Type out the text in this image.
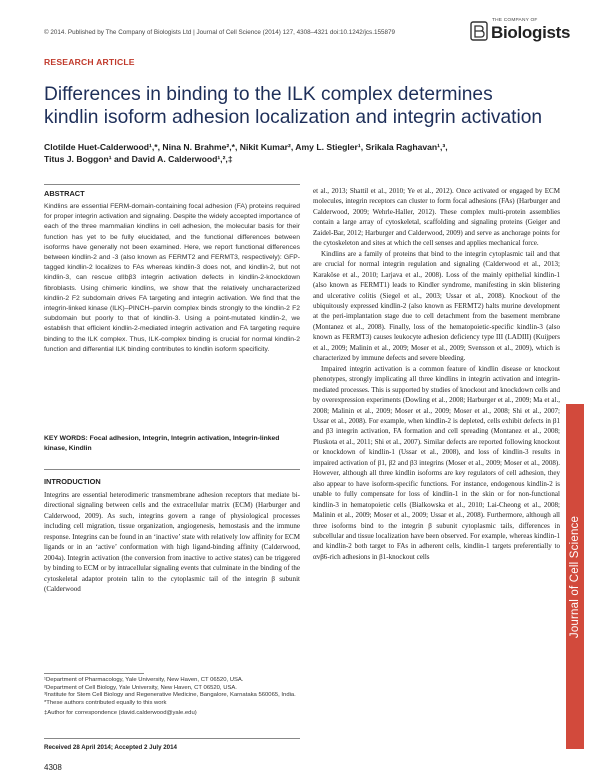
© 2014. Published by The Company of Biologists Ltd | Journal of Cell Science (2014) 127, 4308–4321 doi:10.1242/jcs.155879
THE COMPANY OF
Biologists
RESEARCH ARTICLE
Differences in binding to the ILK complex determines kindlin isoform adhesion localization and integrin activation
Clotilde Huet-Calderwood¹,*, Nina N. Brahme²,*, Nikit Kumar², Amy L. Stiegler¹, Srikala Raghavan¹,³,
Titus J. Boggon¹ and David A. Calderwood¹,²,‡
ABSTRACT
Kindlins are essential FERM-domain-containing focal adhesion (FA) proteins required for proper integrin activation and signaling. Despite the widely accepted importance of each of the three mammalian kindlins in cell adhesion, the molecular basis for their function has yet to be fully elucidated, and the functional differences between isoforms have generally not been examined. Here, we report functional differences between kindlin-2 and -3 (also known as FERMT2 and FERMT3, respectively): GFP-tagged kindlin-2 localizes to FAs whereas kindlin-3 does not, and kindlin-2, but not kindlin-3, can rescue αIIbβ3 integrin activation defects in kindlin-2-knockdown fibroblasts. Using chimeric kindlins, we show that the relatively uncharacterized kindlin-2 F2 subdomain drives FA targeting and integrin activation. We find that the integrin-linked kinase (ILK)–PINCH–parvin complex binds strongly to the kindlin-2 F2 subdomain but poorly to that of kindlin-3. Using a point-mutated kindlin-2, we establish that efficient kindlin-2-mediated integrin activation and FA targeting require binding to the ILK complex. Thus, ILK-complex binding is crucial for normal kindlin-2 function and differential ILK binding contributes to kindlin isoform specificity.
KEY WORDS: Focal adhesion, Integrin, Integrin activation, Integrin-linked kinase, Kindlin
INTRODUCTION
Integrins are essential heterodimeric transmembrane adhesion receptors that mediate bi-directional signaling between cells and the extracellular matrix (ECM) (Harburger and Calderwood, 2009). As such, integrins govern a range of physiological processes including cell migration, tissue organization, angiogenesis, hemostasis and the immune response. Integrins can be found in an ‘inactive’ state with relatively low affinity for ECM ligands or in an ‘active’ conformation with high ligand-binding affinity (Calderwood, 2004a). Integrin activation (the conversion from inactive to active states) can be triggered by binding to ECM or by intracellular signaling events that culminate in the binding of the cytoskeletal adaptor protein talin to the cytoplasmic tail of the integrin β subunit (Calderwood

et al., 2013; Shattil et al., 2010; Ye et al., 2012). Once activated or engaged by ECM molecules, integrin receptors can cluster to form focal adhesions (FAs) (Harburger and Calderwood, 2009; Wehrle-Haller, 2012). These complex multi-protein assemblies contain a large array of cytoskeletal, scaffolding and signaling proteins (Geiger and Zaidel-Bar, 2012; Harburger and Calderwood, 2009) and serve as anchorage points for the cytoskeleton and sites at which the cell senses and applies mechanical force.

Kindlins are a family of proteins that bind to the integrin cytoplasmic tail and that are crucial for normal integrin regulation and signaling (Calderwood et al., 2013; Karaköse et al., 2010; Larjava et al., 2008). Loss of the mainly epithelial kindlin-1 (also known as FERMT1) leads to Kindler syndrome, manifesting in skin blistering and ulcerative colitis (Siegel et al., 2003; Ussar et al., 2008). Knockout of the ubiquitously expressed kindlin-2 (also known as FERMT2) halts murine development at the peri-implantation stage due to cell detachment from the basement membrane (Montanez et al., 2008). Finally, loss of the hematopoietic-specific kindlin-3 (also known as FERMT3) causes leukocyte adhesion deficiency type III (LADIII) (Kuijpers et al., 2009; Malinin et al., 2009; Moser et al., 2009; Svensson et al., 2009), which is characterized by immune defects and severe bleeding.

Impaired integrin activation is a common feature of kindlin disease or knockout phenotypes, strongly implicating all three kindlins in integrin activation and integrin-mediated processes. This is supported by studies of knockout and knockdown cells and by overexpression experiments (Dowling et al., 2008; Harburger et al., 2009; Ma et al., 2008; Malinin et al., 2009; Moser et al., 2009; Moser et al., 2008; Shi et al., 2007; Ussar et al., 2008). For example, when kindlin-2 is depleted, cells exhibit defects in β1 and β3 integrin activation, FA formation and cell spreading (Montanez et al., 2008; Pluskota et al., 2011; Shi et al., 2007). Similar defects are reported following knockout or knockdown of kindlin-1 (Ussar et al., 2008), and loss of kindlin-3 results in impaired activation of β1, β2 and β3 integrins (Moser et al., 2009; Moser et al., 2008). However, although all three kindlin isoforms are key regulators of cell adhesion, they also appear to have isoform-specific functions. For instance, endogenous kindlin-2 is unable to fully compensate for loss of kindlin-1 in the skin or for non-functional kindlin-3 in hematopoietic cells (Bialkowska et al., 2010; Lai-Cheong et al., 2008; Malinin et al., 2009; Moser et al., 2009; Ussar et al., 2008). Furthermore, although all three isoforms bind to the integrin β subunit cytoplasmic tails, differences in subcellular and tissue localization have been observed. For example, whereas kindlin-1 and kindlin-2 both target to FAs in adherent cells, kindlin-1 targets preferentially to αvβ6-rich adhesions in β1-knockout cells

¹Department of Pharmacology, Yale University, New Haven, CT 06520, USA.

²Department of Cell Biology, Yale University, New Haven, CT 06520, USA.

³Institute for Stem Cell Biology and Regenerative Medicine, Bangalore, Karnataka 560065, India.

*These authors contributed equally to this work

‡Author for correspondence (david.calderwood@yale.edu)

Received 28 April 2014; Accepted 2 July 2014
4308
Journal of Cell Science
